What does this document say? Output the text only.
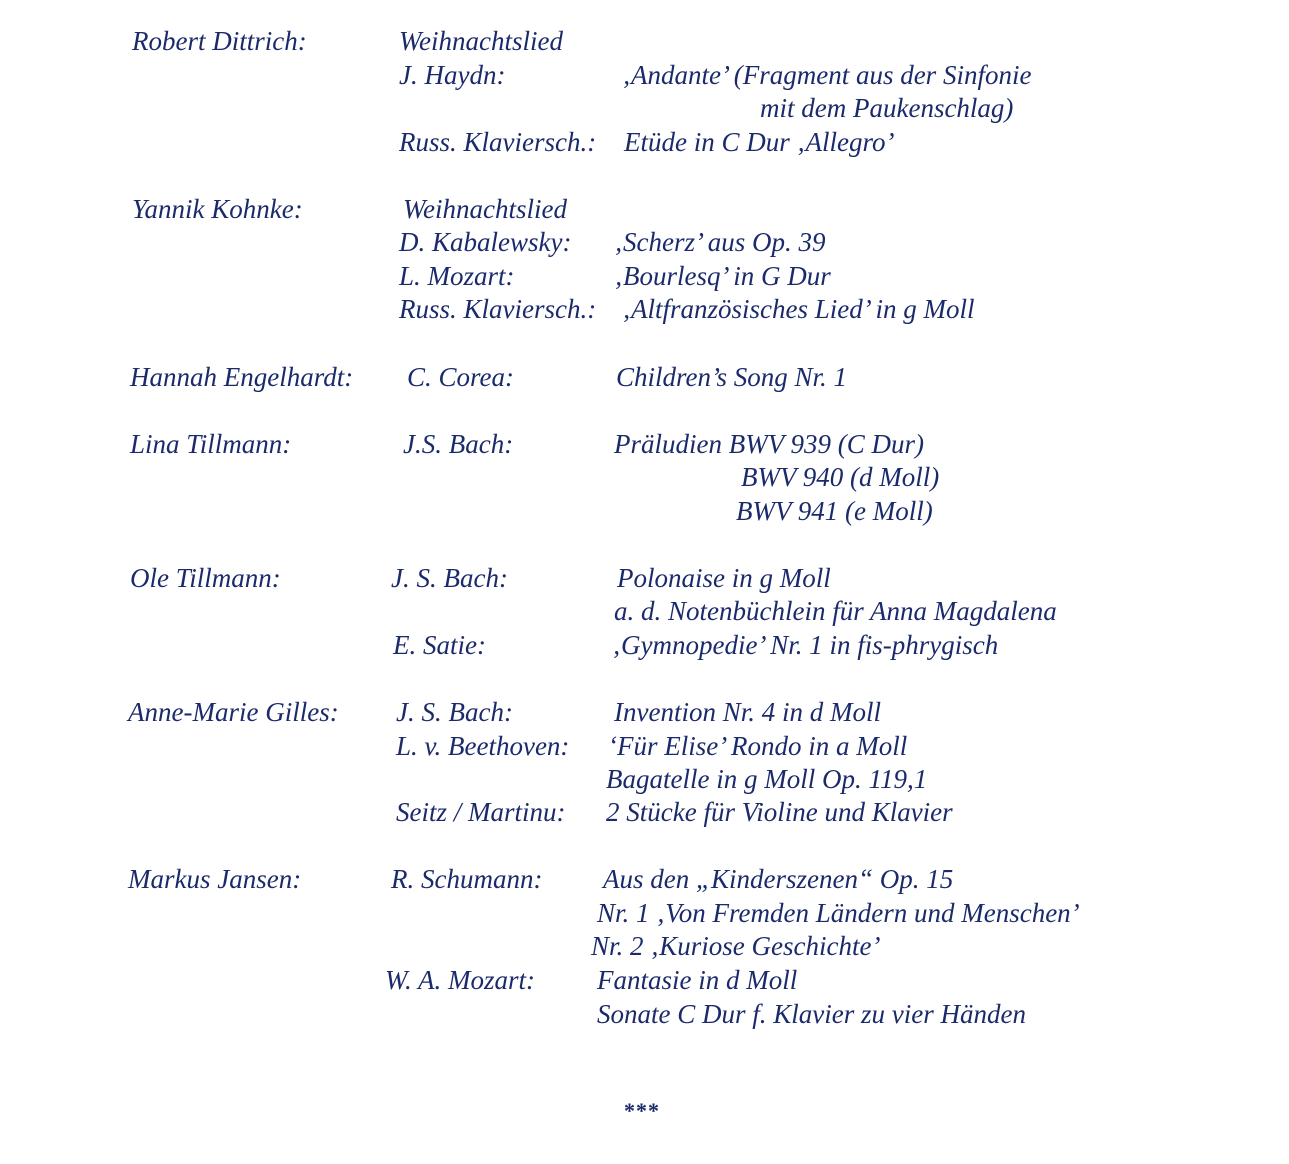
Robert Dittrich:	Weihnachtslied
J. Haydn:	‚Andante’ (Fragment aus der Sinfonie
mit dem Paukenschlag)
Russ. Klaviersch.: Etüde in C Dur ‚Allegro’
Yannik Kohnke:	Weihnachtslied
D. Kabalewsky: ‚Scherz’ aus Op. 39
L. Mozart:	‚Bourlesq’ in G Dur
Russ. Klaviersch.: ‚Altfranzösisches Lied’ in g Moll
Hannah Engelhardt: C. Corea:	Children’s Song Nr. 1
Lina Tillmann:	J.S. Bach:	Präludien BWV 939 (C Dur)
BWV 940 (d Moll)
BWV 941 (e Moll)
Ole Tillmann:	J. S. Bach:	Polonaise in g Moll
a. d. Notenbüchlein für Anna Magdalena
E. Satie:	‚Gymnopedie’ Nr. 1 in fis-phrygisch
Anne-Marie Gilles: J. S. Bach:	Invention Nr. 4 in d Moll
L. v. Beethoven: ‘Für Elise’ Rondo in a Moll
Bagatelle in g Moll Op. 119,1
Seitz / Martinu: 2 Stücke für Violine und Klavier
Markus Jansen:	R. Schumann: Aus den „Kinderszenen“ Op. 15
Nr. 1 ‚Von Fremden Ländern und Menschen’
Nr. 2 ‚Kuriose Geschichte’
W. A. Mozart: Fantasie in d Moll
Sonate C Dur f. Klavier zu vier Händen
***
